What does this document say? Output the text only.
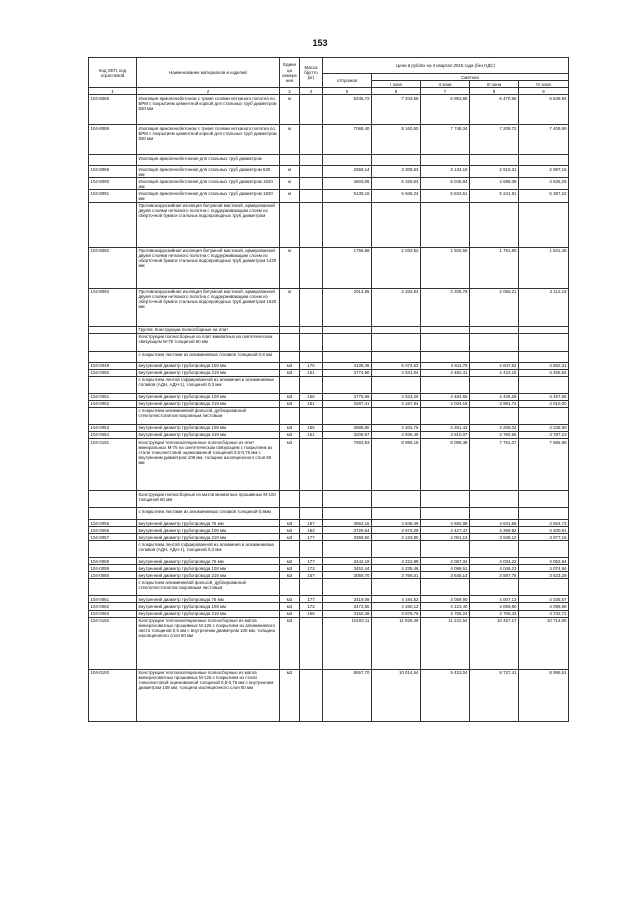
153
Код ОКП, код отраслевой	Наименование материалов и изделий	Едини ца измере ния	Масса брутто (кг)	Цена в рублях на 4 квартал 2015 года (без НДС)				
				отпускная	Сметная			
					I зона	II зона	III зона	IV зона
1	2	3	4	5	6	7	8	9
104-8086	Изоляция армопенобетоном с тремя слоями нетканого полотна по БРМ с покрытием цементной коркой для стальных труб диаметром 820 мм	м		6345,72	7 343,69	6 953,85	6 470,56	6 649,94
104-8089	Изоляция армопенобетоном с тремя слоями нетканого полотна по БРМ с покрытием цементной коркой для стальных труб диаметром 920 мм	м		7068,40	8 162,60	7 748,34	7 209,72	7 409,59
	Изоляция армопенобетонная для стальных труб диаметром							
104-8086	Изоляция армопенобетонная для стальных труб диаметром 630 мм	м		2659,14	3 309,63	3 134,18	2 916,31	2 997,15
104-8090	Изоляция армопенобетонная для стальных труб диаметром 1620 мм	м		4603,06	5 329,64	5 045,84	4 695,09	4 825,25
104-8091	Изоляция армопенобетонная для стальных труб диаметром 1820 мм	м		5139,16	5 946,24	5 633,51	5 241,91	5 387,22
	Противокоррозийная изоляция битумной мастикой, армированной двумя слоями нетканого полотна с поддерживающим слоем из оберточной бумаги стальных водопроводных труб диаметром							
104-8092	Противокоррозийная изоляция битумной мастикой, армированной двумя слоями нетканого полотна с поддерживающим слоем из оберточной бумаги стальных водопроводных труб диаметром 1420 мм	м		1756,68	2 033,52	1 925,66	1 791,80	1 841,48
104-8093	Противокоррозийная изоляция битумной мастикой, армированной двумя слоями нетканого полотна с поддерживающим слоем из оберточной бумаги стальных водопроводных труб диаметром 1620 мм	м		2014,95	2 332,54	2 208,78	2 055,21	2 112,18
	Группа: Конструкции полносборные на плит							
	Конструкции полносборные из плит минватных на синтетическом связующем М-75 толщиной 60 мм							
	с покрытием листами из алюминиевых сплавов толщиной 0,8 мм							
104-0049	внутренний диаметр трубопровода 108 мм	м3	170	4138,48	5 074,63	4 911,76	4 847,62	4 882,31
104-0050	внутренний диаметр трубопровода 219 мм	м3	161	3774,90	4 631,04	4 482,41	4 424,15	4 455,54
	с покрытием лентой гофрированной из алюминия и алюминиевых сплавов (АДН, АДН-1), толщиной 0,3 мм							
104-0051	внутренний диаметр трубопровода 108 мм	м3	156	3776,69	4 633,25	4 484,55	4 426,26	4 457,65
104-0052	внутренний диаметр трубопровода 219 мм	м3	151	3287,41	4 167,94	4 034,18	3 981,74	4 010,00
	с покрытием алюминиевой фольгой, дублированной стеклотекстолитом покровным листовым							
104-0053	внутренний диаметр трубопровода 108 мм	м3	156	3586,80	4 402,76	4 261,43	4 206,04	4 235,90
104-0054	внутренний диаметр трубопровода 219 мм	м3	151	3209,67	3 936,49	3 810,07	3 760,55	3 787,23
104-0191	Конструкции теплоизоляционные полносборные из плит минеральных М-75 на синтетическом связующем с покрытием из стали тонколистовой оцинкованной толщиной 0,5-0,75 мм с внутренним диаметром 108 мм, толщина изоляционного слоя 60 мм	м3		7593,53	8 885,18	8 099,38	7 751,07	7 966,98
	Конструкции полносборные из матов минватных прошивных М-100 толщиной 60 мм							
	с покрытием листами из алюминиевых сплавов толщиной 0,8мм							
104-0055	внутренний диаметр трубопровода 76 мм	м3	187	3652,15	4 848,49	4 692,88	4 631,68	4 664,73
104-0056	внутренний диаметр трубопровода 108 мм	м3	182	3728,54	4 574,29	4 427,47	4 369,92	4 400,91
104-0057	внутренний диаметр трубопровода 219 мм	м3	177	3369,50	4 133,80	4 001,13	3 949,12	3 977,15
	с покрытием лентой гофрированной из алюминия и алюминиевых сплавов (АДН, АДН-1), толщиной 0,3 мм							
104-0058	внутренний диаметр трубопровода 76 мм	м3	177	3442,19	4 222,89	4 087,34	4 034,22	4 062,84
104-0059	внутренний диаметр трубопровода 108 мм	м3	172	3452,44	4 235,46	4 099,51	4 046,23	4 074,94
104-0060	внутренний диаметр трубопровода 219 мм	м3	167	3069,70	3 766,01	3 645,14	3 597,76	3 623,29
	с покрытием алюминиевой фольгой, дублированной стеклотекстолитом покровным листовым							
104-0061	внутренний диаметр трубопровода 76 мм	м3	177	3419,08	4 194,52	4 059,90	4 007,13	4 035,57
104-0062	внутренний диаметр трубопровода 108 мм	м3	172	3472,55	4 260,13	4 123,40	4 069,80	4 098,68
104-0063	внутренний диаметр трубопровода 219 мм	м3	166	3162,49	3 879,76	3 755,24	3 706,43	3 732,72
104-0192	Конструкции теплоизоляционные полносборные из матов минераловатных прошивных М-125 с покрытием из алюминиевого листа толщиной 0,5 мм с внутренним диаметром 108 мм, толщина изоляционного слоя 60 мм	м3		10193,11	11 925,49	11 222,64	10 457,17	10 714,90
104-0193	Конструкции теплоизоляционные полносборные из матов минераловатных прошивных М-125 с покрытием из стали тонколистовой оцинкованной толщиной 0,5-0,75 мм с внутренним диаметром 108 мм, толщина изоляционного слоя 60 мм	м3		8557,70	10 014,64	9 422,04	8 737,41	8 995,51
